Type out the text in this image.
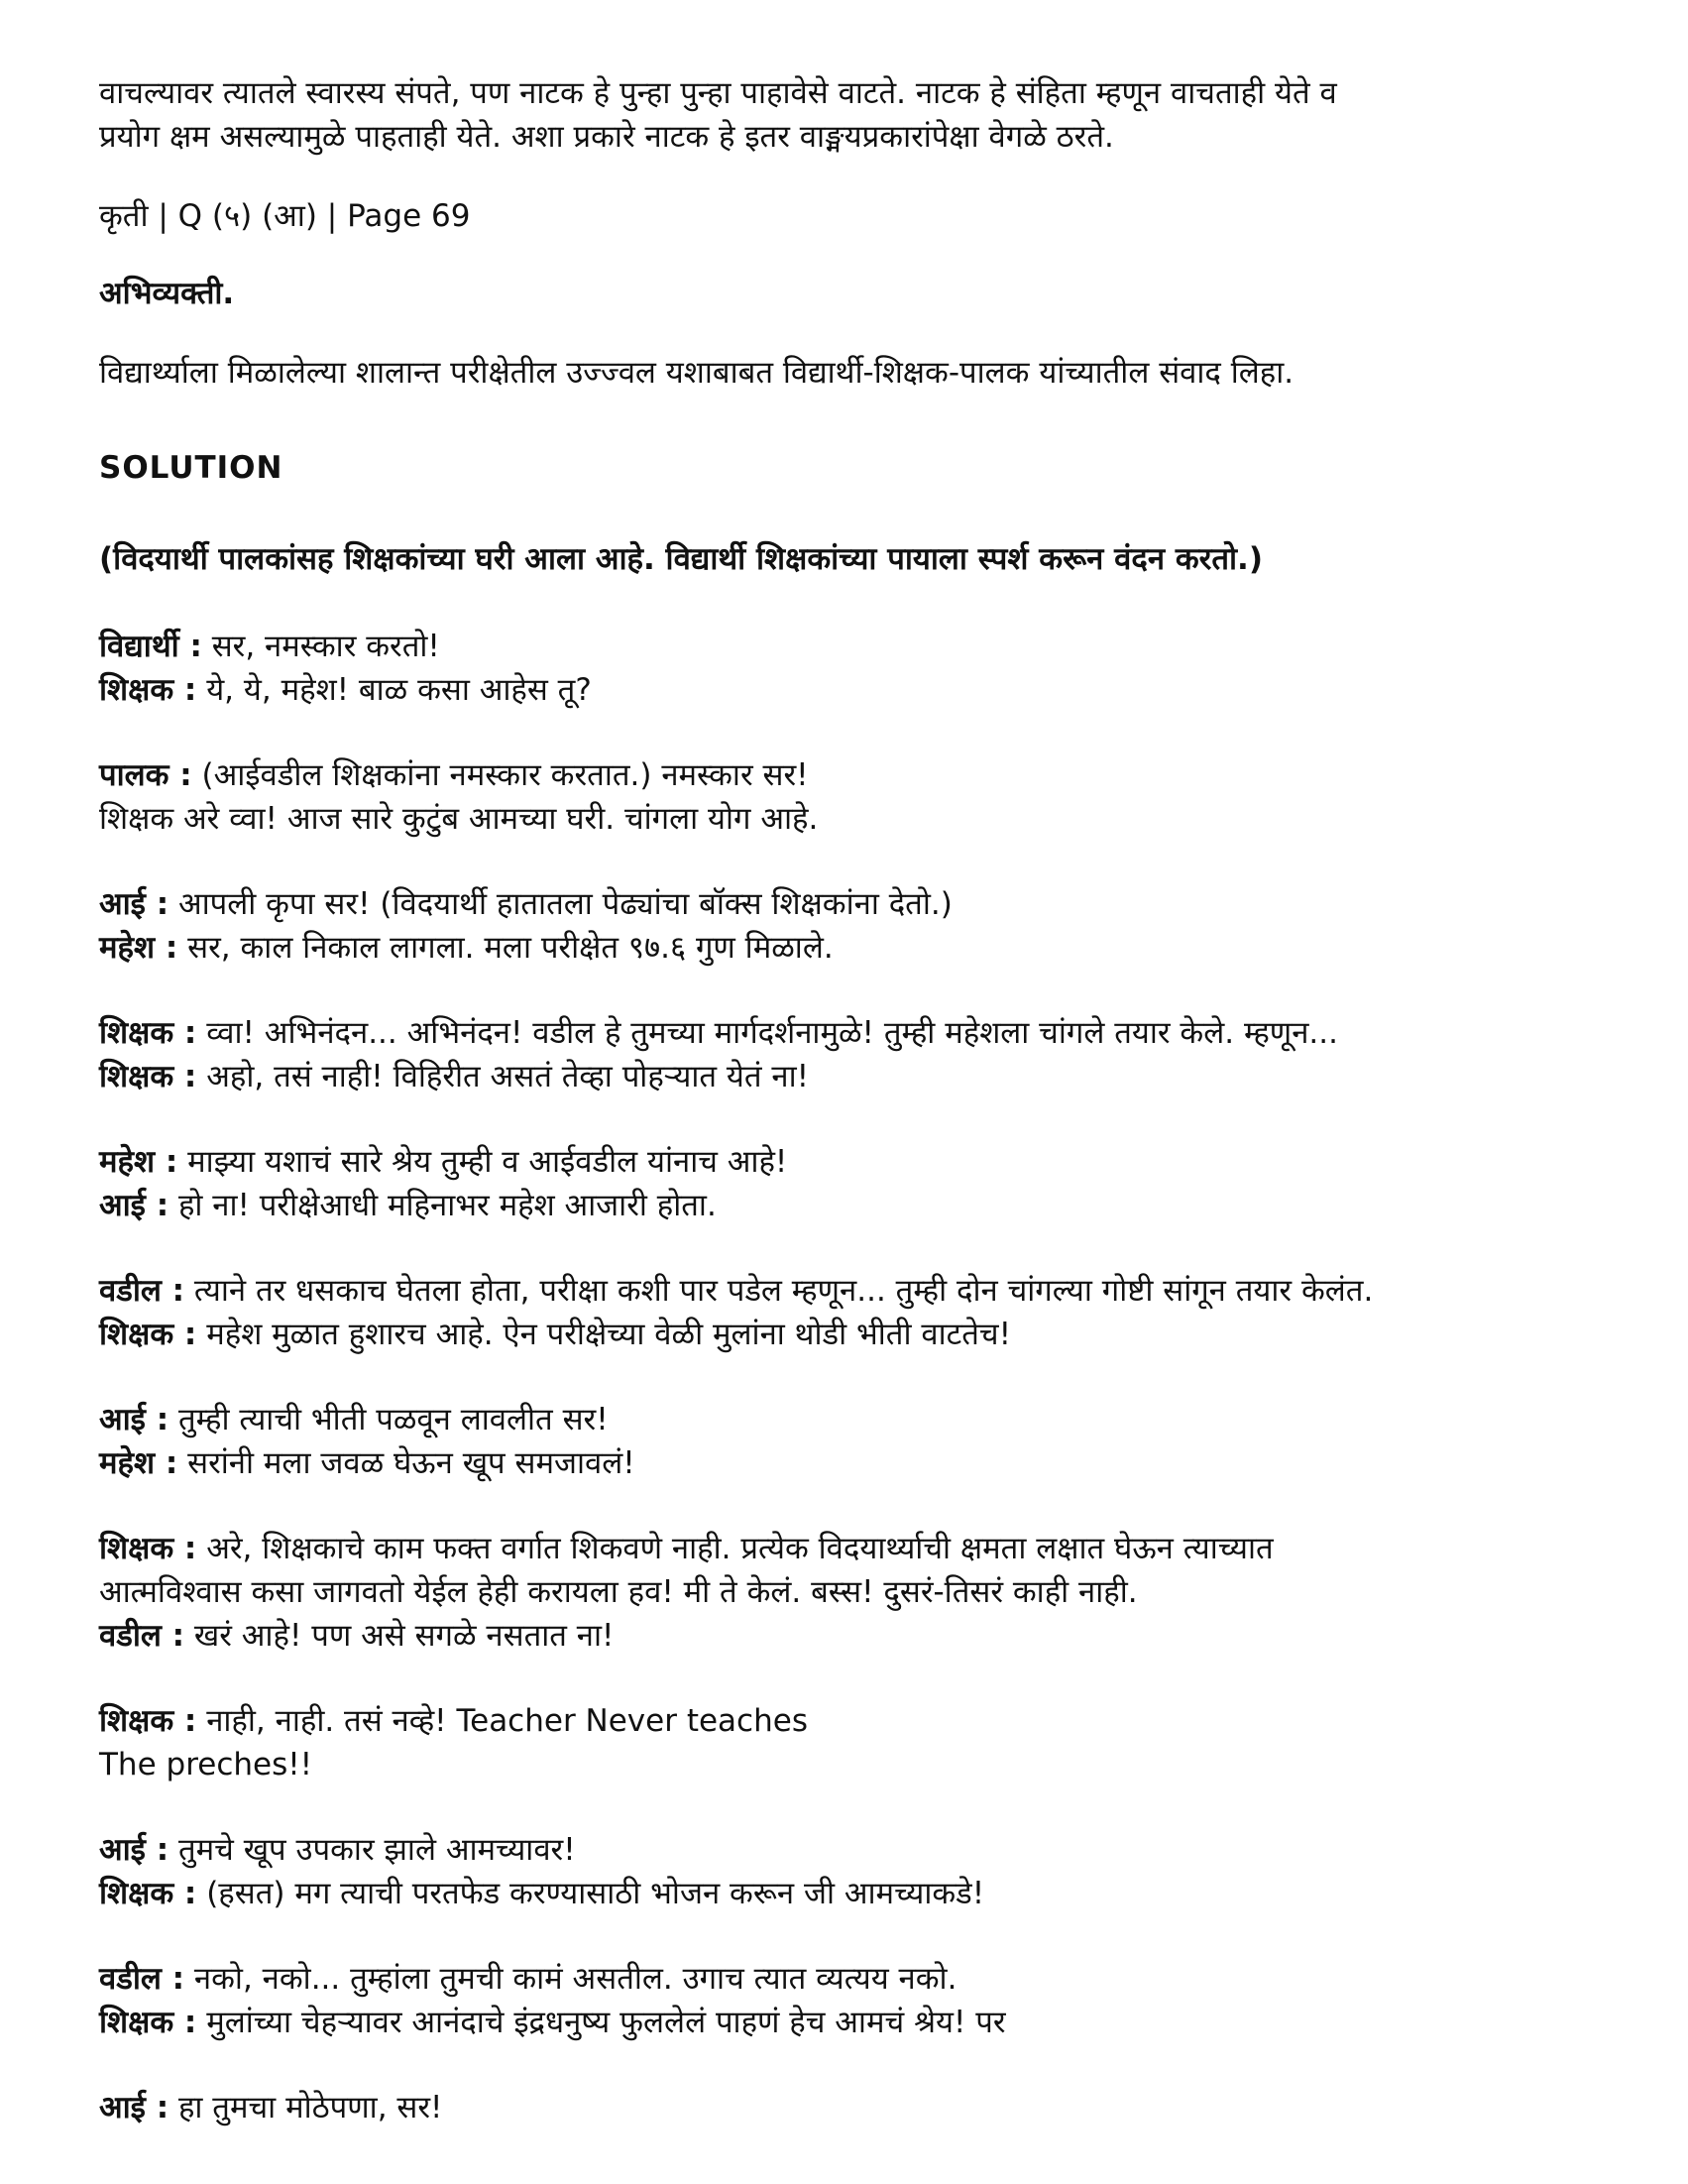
वाचल्यावर त्यातले स्वारस्य संपते, पण नाटक हे पुन्हा पुन्हा पाहावेसे वाटते. नाटक हे संहिता म्हणून वाचताही येते व
प्रयोग क्षम असल्यामुळे पाहताही येते. अशा प्रकारे नाटक हे इतर वाङ्मयप्रकारांपेक्षा वेगळे ठरते.

कृती | Q (५) (आ) | Page 69

अभिव्यक्ती.

विद्यार्थ्याला मिळालेल्या शालान्त परीक्षेतील उज्ज्वल यशाबाबत विद्यार्थी-शिक्षक-पालक यांच्यातील संवाद लिहा.

SOLUTION

(विदयार्थी पालकांसह शिक्षकांच्या घरी आला आहे. विद्यार्थी शिक्षकांच्या पायाला स्पर्श करून वंदन करतो.)

विद्यार्थी : सर, नमस्कार करतो!
शिक्षक : ये, ये, महेश! बाळ कसा आहेस तू?
पालक : (आईवडील शिक्षकांना नमस्कार करतात.) नमस्कार सर!
शिक्षक अरे व्वा! आज सारे कुटुंब आमच्या घरी. चांगला योग आहे.
आई : आपली कृपा सर! (विदयार्थी हातातला पेढ्यांचा बॉक्स शिक्षकांना देतो.)
महेश : सर, काल निकाल लागला. मला परीक्षेत ९७.६ गुण मिळाले.
शिक्षक : व्वा! अभिनंदन... अभिनंदन! वडील हे तुमच्या मार्गदर्शनामुळे! तुम्ही महेशला चांगले तयार केले. म्हणून...
शिक्षक : अहो, तसं नाही! विहिरीत असतं तेव्हा पोहऱ्यात येतं ना!
महेश : माझ्या यशाचं सारे श्रेय तुम्ही व आईवडील यांनाच आहे!
आई : हो ना! परीक्षेआधी महिनाभर महेश आजारी होता.
वडील : त्याने तर धसकाच घेतला होता, परीक्षा कशी पार पडेल म्हणून... तुम्ही दोन चांगल्या गोष्टी सांगून तयार केलंत.
शिक्षक : महेश मुळात हुशारच आहे. ऐन परीक्षेच्या वेळी मुलांना थोडी भीती वाटतेच!
आई : तुम्ही त्याची भीती पळवून लावलीत सर!
महेश : सरांनी मला जवळ घेऊन खूप समजावलं!
शिक्षक : अरे, शिक्षकाचे काम फक्त वर्गात शिकवणे नाही. प्रत्येक विदयार्थ्याची क्षमता लक्षात घेऊन त्याच्यात
आत्मविश्वास कसा जागवतो येईल हेही करायला हव! मी ते केलं. बस्स! दुसरं-तिसरं काही नाही.
वडील : खरं आहे! पण असे सगळे नसतात ना!
शिक्षक : नाही, नाही. तसं नव्हे! Teacher Never teaches
The preches!!
आई : तुमचे खूप उपकार झाले आमच्यावर!
शिक्षक : (हसत) मग त्याची परतफेड करण्यासाठी भोजन करून जी आमच्याकडे!
वडील : नको, नको... तुम्हांला तुमची कामं असतील. उगाच त्यात व्यत्यय नको.
शिक्षक : मुलांच्या चेहऱ्यावर आनंदाचे इंद्रधनुष्य फुललेलं पाहणं हेच आमचं श्रेय! पर
आई : हा तुमचा मोठेपणा, सर!
